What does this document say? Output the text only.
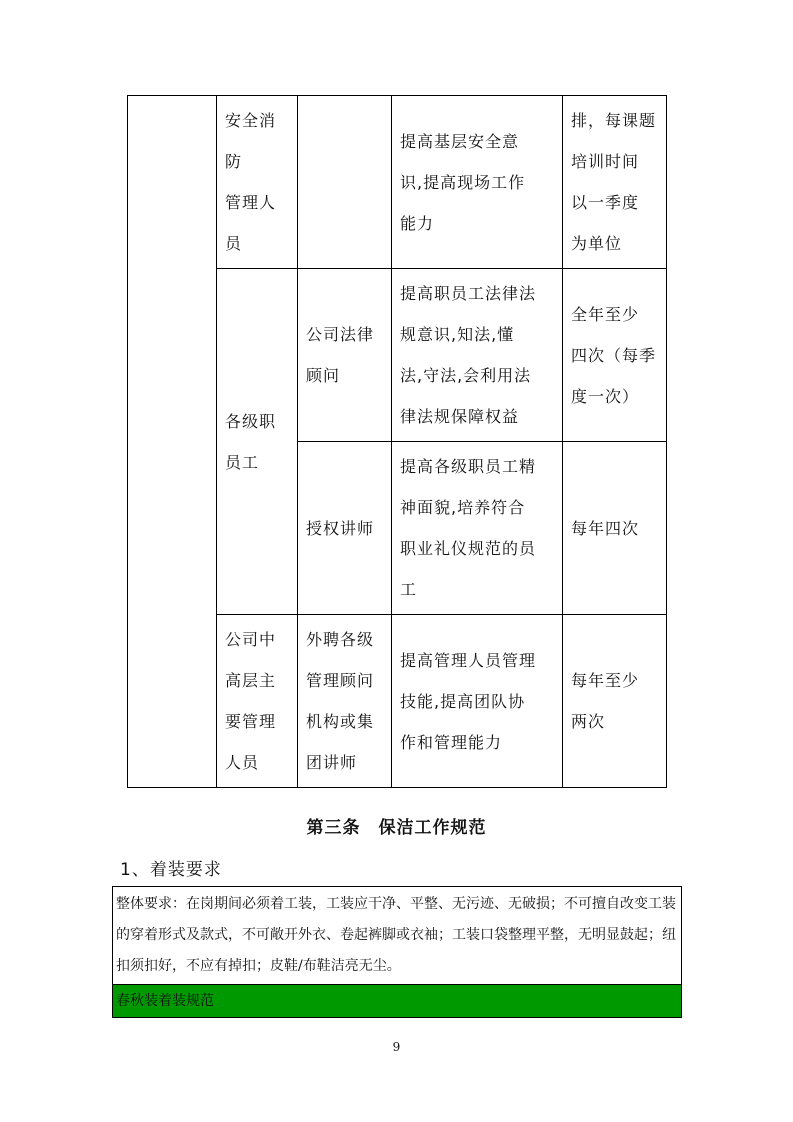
	安全消
防
管理人
员		提高基层安全意
识,提高现场工作
能力	排，每课题
培训时间
以一季度
为单位

	各级职
员工	公司法律
顾问	提高职员工法律法
规意识,知法,懂
法,守法,会利用法
律法规保障权益	全年至少
四次（每季
度一次）

		授权讲师	提高各级职员工精
神面貌,培养符合
职业礼仪规范的员
工	每年四次

	公司中
高层主
要管理
人员	外聘各级
管理顾问
机构或集
团讲师	提高管理人员管理
技能,提高团队协
作和管理能力	每年至少
两次
第三条　保洁工作规范
1、着装要求
整体要求：在岗期间必须着工装，工装应干净、平整、无污迹、无破损；不可擅自改变工装的穿着形式及款式，不可敞开外衣、卷起裤脚或衣袖；工装口袋整理平整，无明显鼓起；纽扣须扣好，不应有掉扣；皮鞋/布鞋洁亮无尘。
春秋装着装规范
9
